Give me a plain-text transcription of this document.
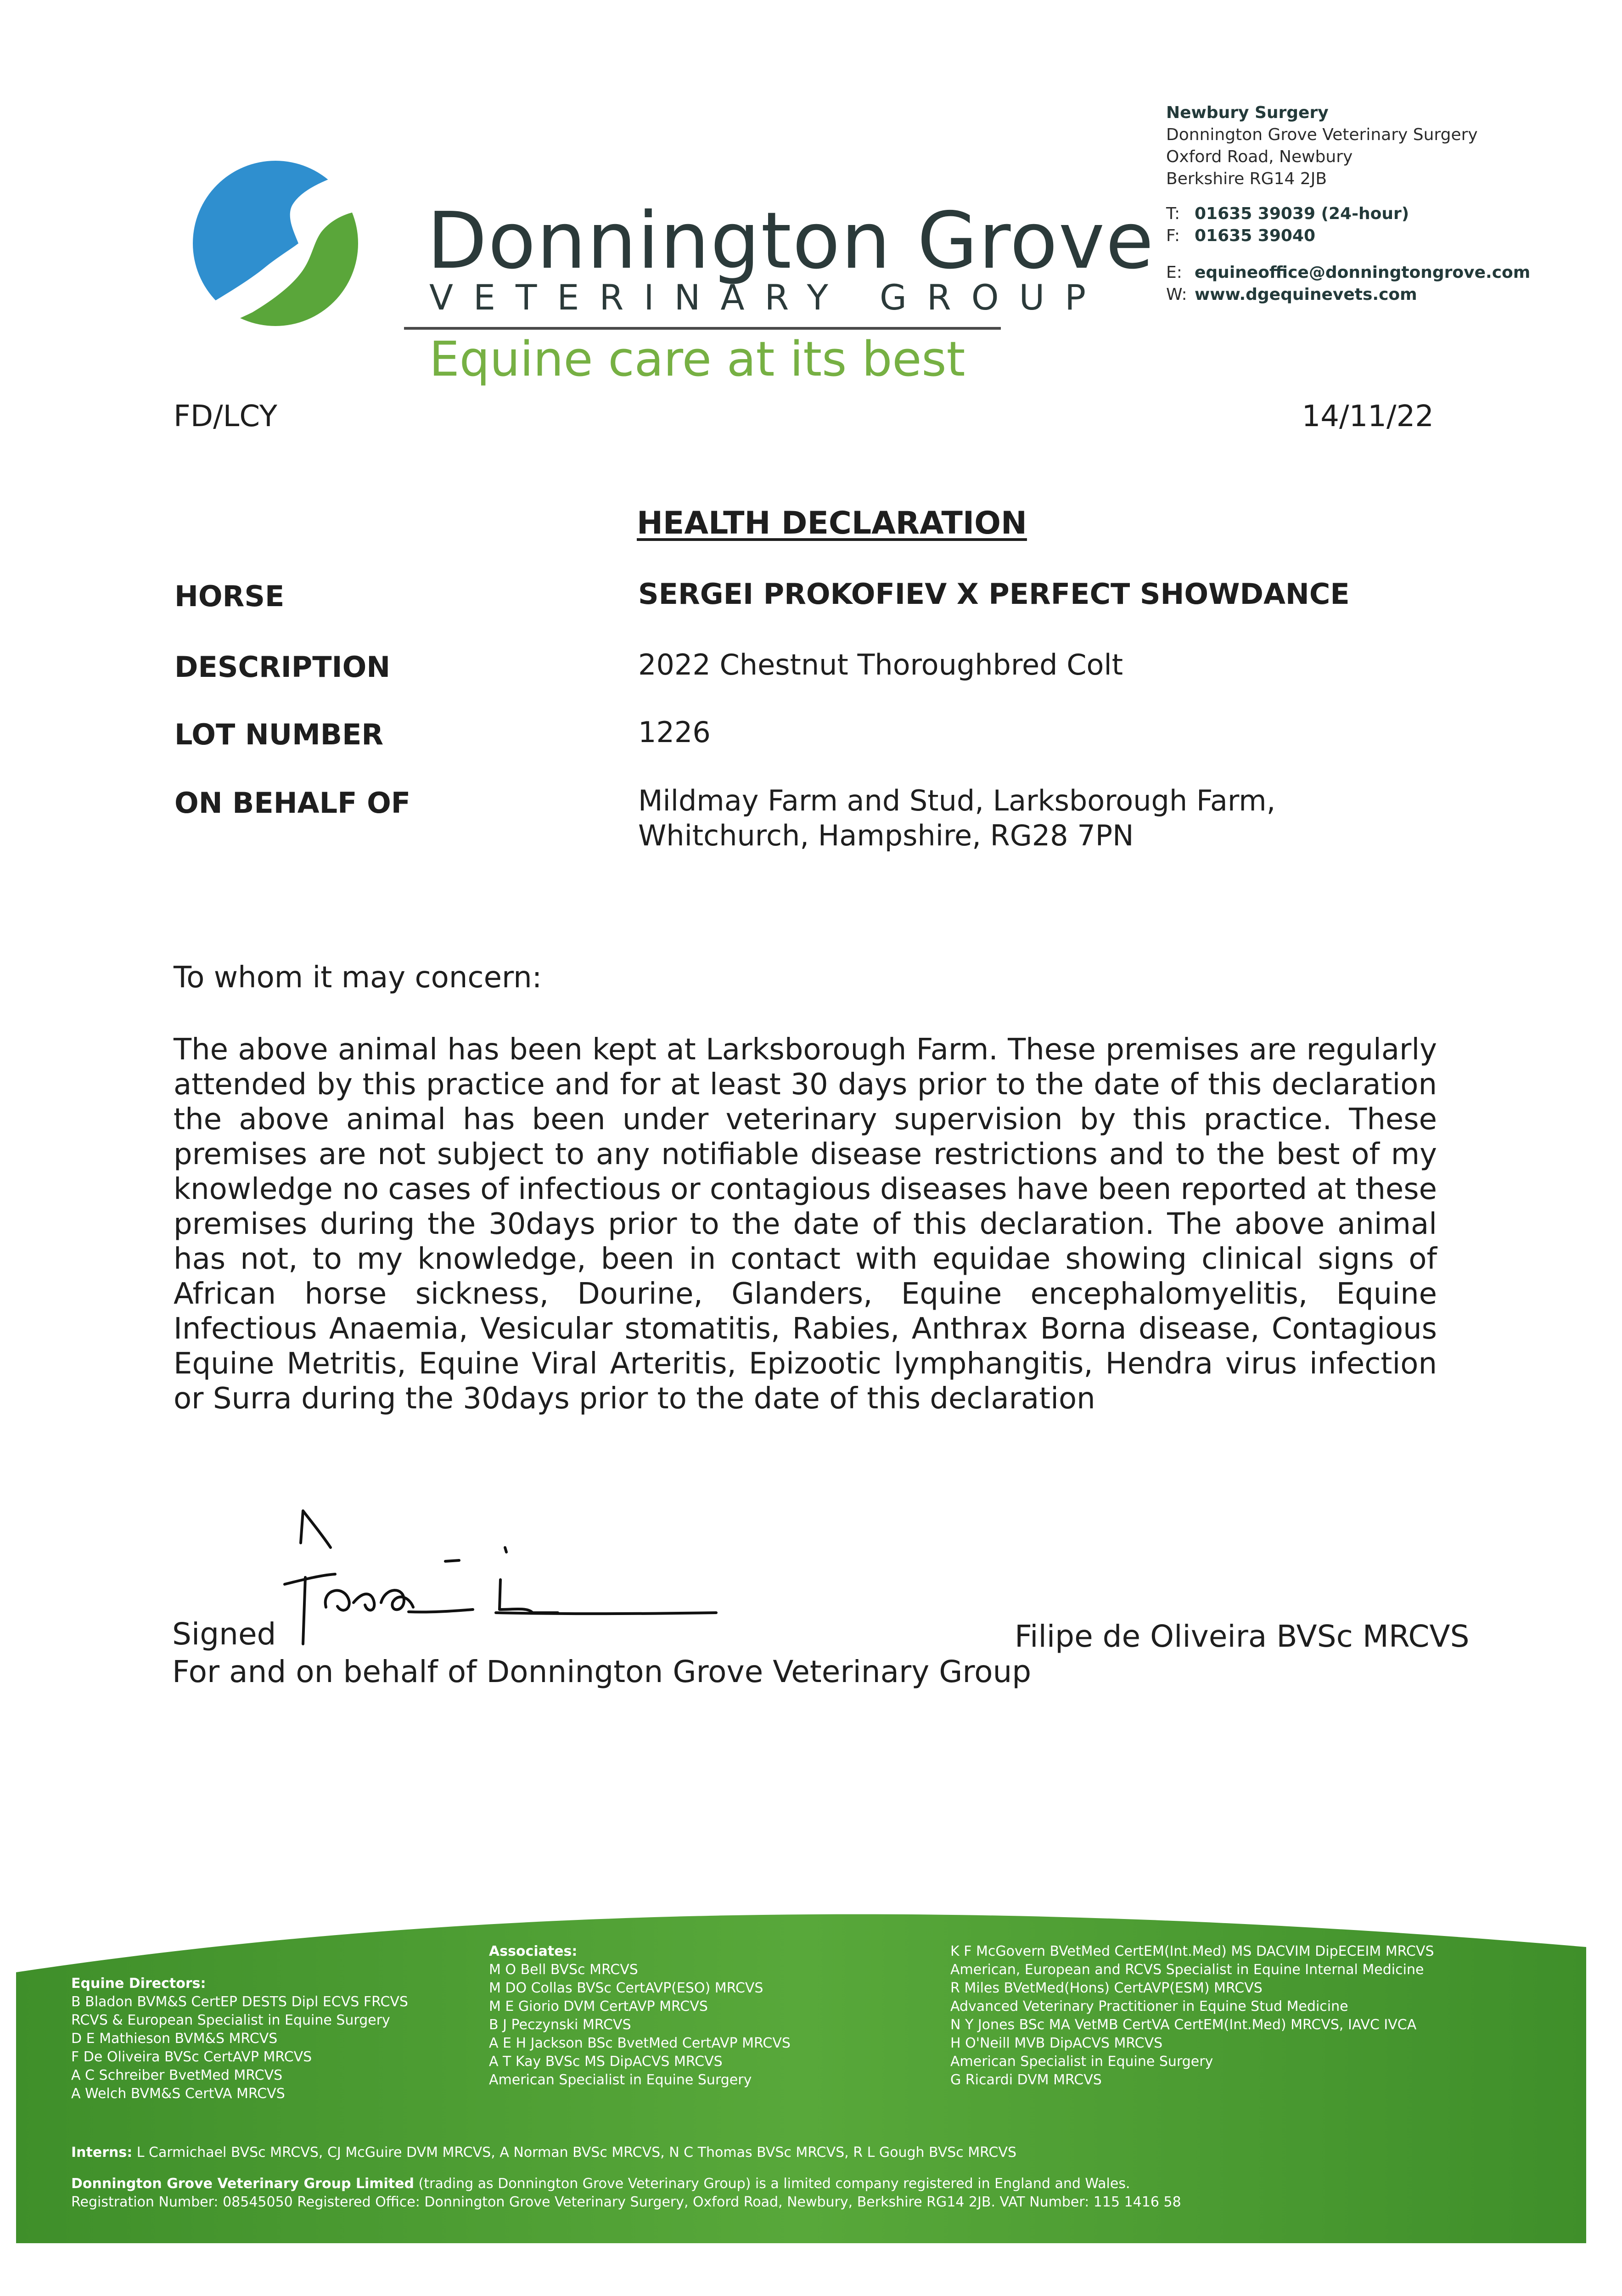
Donnington Grove
VETERINARY GROUP
Equine care at its best
Newbury Surgery
Donnington Grove Veterinary Surgery
Oxford Road, Newbury
Berkshire RG14 2JB
T: 01635 39039 (24-hour)
F: 01635 39040
E: equineoffice@donningtongrove.com
W: www.dgequinevets.com
FD/LCY	14/11/22
HEALTH DECLARATION
HORSE	SERGEI PROKOFIEV X PERFECT SHOWDANCE
DESCRIPTION	2022 Chestnut Thoroughbred Colt
LOT NUMBER	1226
ON BEHALF OF	Mildmay Farm and Stud, Larksborough Farm, Whitchurch, Hampshire, RG28 7PN
To whom it may concern:
The above animal has been kept at Larksborough Farm. These premises are regularly attended by this practice and for at least 30 days prior to the date of this declaration the above animal has been under veterinary supervision by this practice. These premises are not subject to any notifiable disease restrictions and to the best of my knowledge no cases of infectious or contagious diseases have been reported at these premises during the 30days prior to the date of this declaration. The above animal has not, to my knowledge, been in contact with equidae showing clinical signs of African horse sickness, Dourine, Glanders, Equine encephalomyelitis, Equine Infectious Anaemia, Vesicular stomatitis, Rabies, Anthrax Borna disease, Contagious Equine Metritis, Equine Viral Arteritis, Epizootic lymphangitis, Hendra virus infection or Surra during the 30days prior to the date of this declaration
Signed
For and on behalf of Donnington Grove Veterinary Group
Filipe de Oliveira BVSc MRCVS
Equine Directors:
B Bladon BVM&S CertEP DESTS Dipl ECVS FRCVS
RCVS & European Specialist in Equine Surgery
D E Mathieson BVM&S MRCVS
F De Oliveira BVSc CertAVP MRCVS
A C Schreiber BvetMed MRCVS
A Welch BVM&S CertVA MRCVS
Associates:
M O Bell BVSc MRCVS
M DO Collas BVSc CertAVP(ESO) MRCVS
M E Giorio DVM CertAVP MRCVS
B J Peczynski MRCVS
A E H Jackson BSc BvetMed CertAVP MRCVS
A T Kay BVSc MS DipACVS MRCVS
American Specialist in Equine Surgery
K F McGovern BVetMed CertEM(Int.Med) MS DACVIM DipECEIM MRCVS
American, European and RCVS Specialist in Equine Internal Medicine
R Miles BVetMed(Hons) CertAVP(ESM) MRCVS
Advanced Veterinary Practitioner in Equine Stud Medicine
N Y Jones BSc MA VetMB CertVA CertEM(Int.Med) MRCVS, IAVC IVCA
H O'Neill MVB DipACVS MRCVS
American Specialist in Equine Surgery
G Ricardi DVM MRCVS
Interns: L Carmichael BVSc MRCVS, CJ McGuire DVM MRCVS, A Norman BVSc MRCVS, N C Thomas BVSc MRCVS, R L Gough BVSc MRCVS
Donnington Grove Veterinary Group Limited (trading as Donnington Grove Veterinary Group) is a limited company registered in England and Wales.
Registration Number: 08545050 Registered Office: Donnington Grove Veterinary Surgery, Oxford Road, Newbury, Berkshire RG14 2JB. VAT Number: 115 1416 58
